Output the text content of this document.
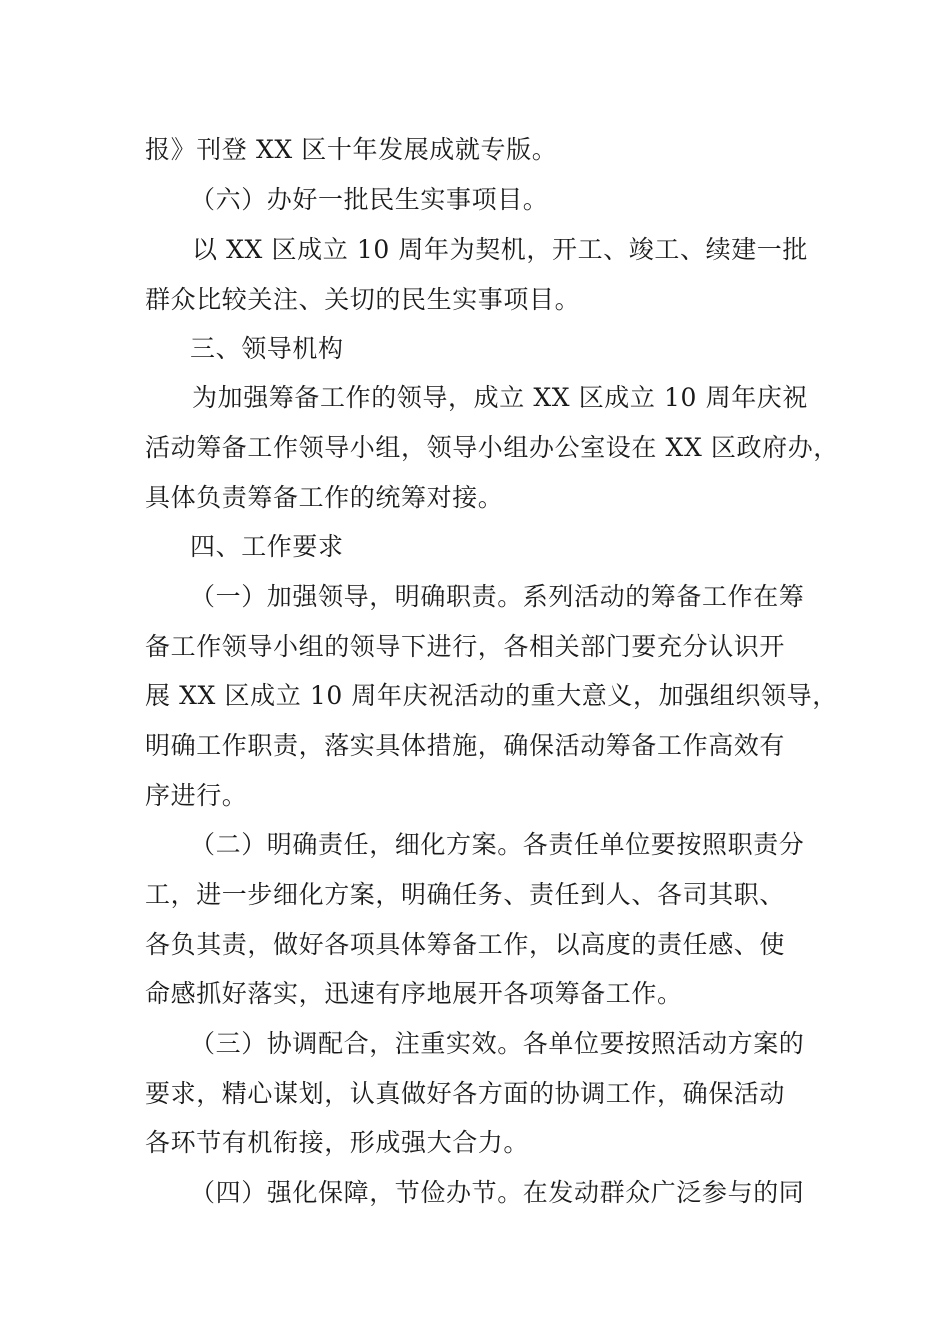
报》刊登 XX 区十年发展成就专版。
（六）办好一批民生实事项目。
以 XX 区成立 10 周年为契机，开工、竣工、续建一批
群众比较关注、关切的民生实事项目。
三、领导机构
为加强筹备工作的领导，成立 XX 区成立 10 周年庆祝
活动筹备工作领导小组，领导小组办公室设在 XX 区政府办，
具体负责筹备工作的统筹对接。
四、工作要求
（一）加强领导，明确职责。系列活动的筹备工作在筹
备工作领导小组的领导下进行，各相关部门要充分认识开
展 XX 区成立 10 周年庆祝活动的重大意义，加强组织领导，
明确工作职责，落实具体措施，确保活动筹备工作高效有
序进行。
（二）明确责任，细化方案。各责任单位要按照职责分
工，进一步细化方案，明确任务、责任到人、各司其职、
各负其责，做好各项具体筹备工作，以高度的责任感、使
命感抓好落实，迅速有序地展开各项筹备工作。
（三）协调配合，注重实效。各单位要按照活动方案的
要求，精心谋划，认真做好各方面的协调工作，确保活动
各环节有机衔接，形成强大合力。
（四）强化保障，节俭办节。在发动群众广泛参与的同
